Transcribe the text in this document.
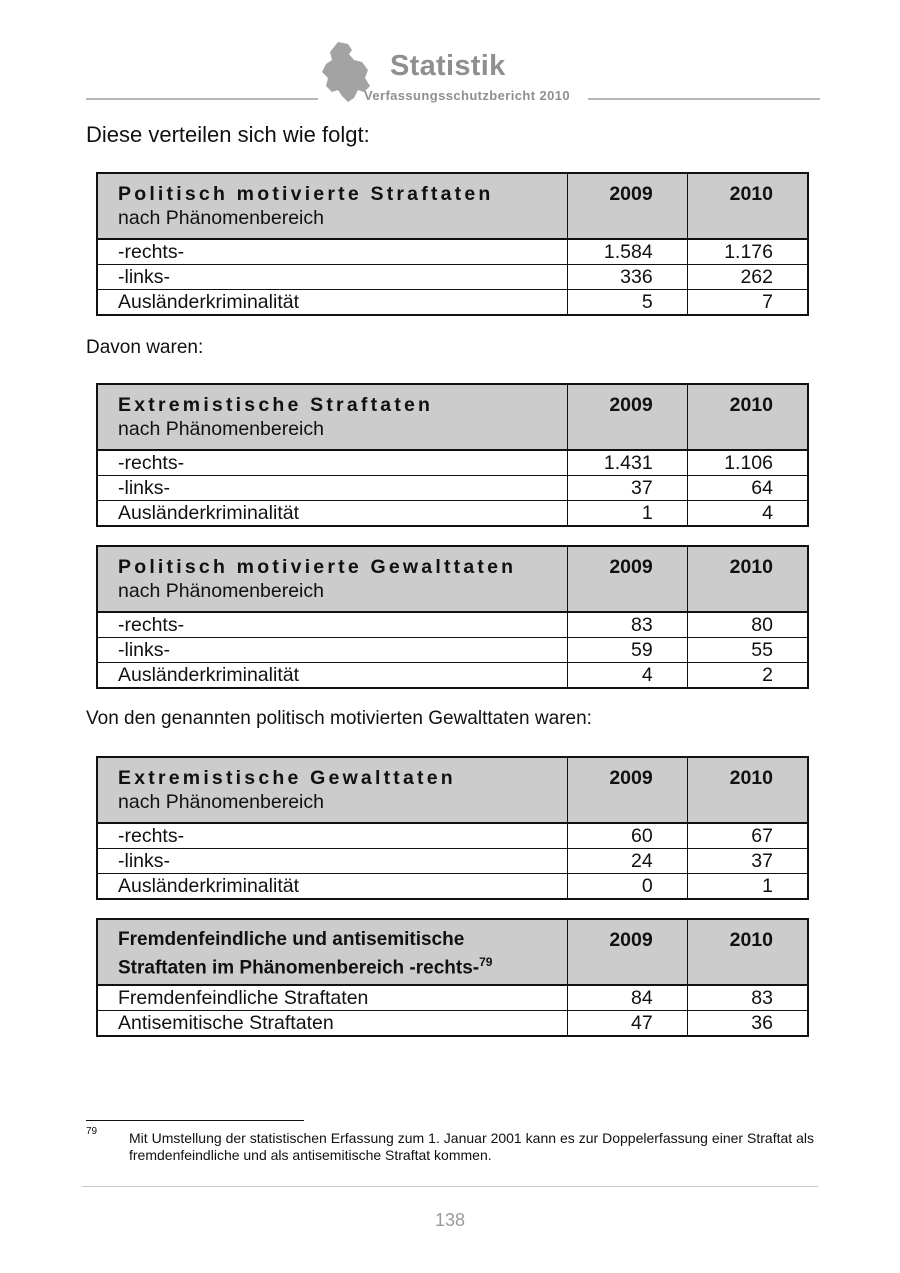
Statistik
Verfassungsschutzbericht 2010

Diese verteilen sich wie folgt:

Politisch motivierte Straftaten
nach Phänomenbereich	2009	2010
-rechts-	1.584	1.176
-links-	336	262
Ausländerkriminalität	5	7

Davon waren:

Extremistische Straftaten
nach Phänomenbereich	2009	2010
-rechts-	1.431	1.106
-links-	37	64
Ausländerkriminalität	1	4
Politisch motivierte Gewalttaten
nach Phänomenbereich	2009	2010
-rechts-	83	80
-links-	59	55
Ausländerkriminalität	4	2

Von den genannten politisch motivierten Gewalttaten waren:

Extremistische Gewalttaten
nach Phänomenbereich	2009	2010
-rechts-	60	67
-links-	24	37
Ausländerkriminalität	0	1
Fremdenfeindliche und antisemitische
Straftaten im Phänomenbereich -rechts-$^{79}$	2009	2010
Fremdenfeindliche Straftaten	84	83
Antisemitische Straftaten	47	36
79 Mit Umstellung der statistischen Erfassung zum 1. Januar 2001 kann es zur Doppelerfassung einer Straftat als fremdenfeindliche und als antisemitische Straftat kommen.

138
